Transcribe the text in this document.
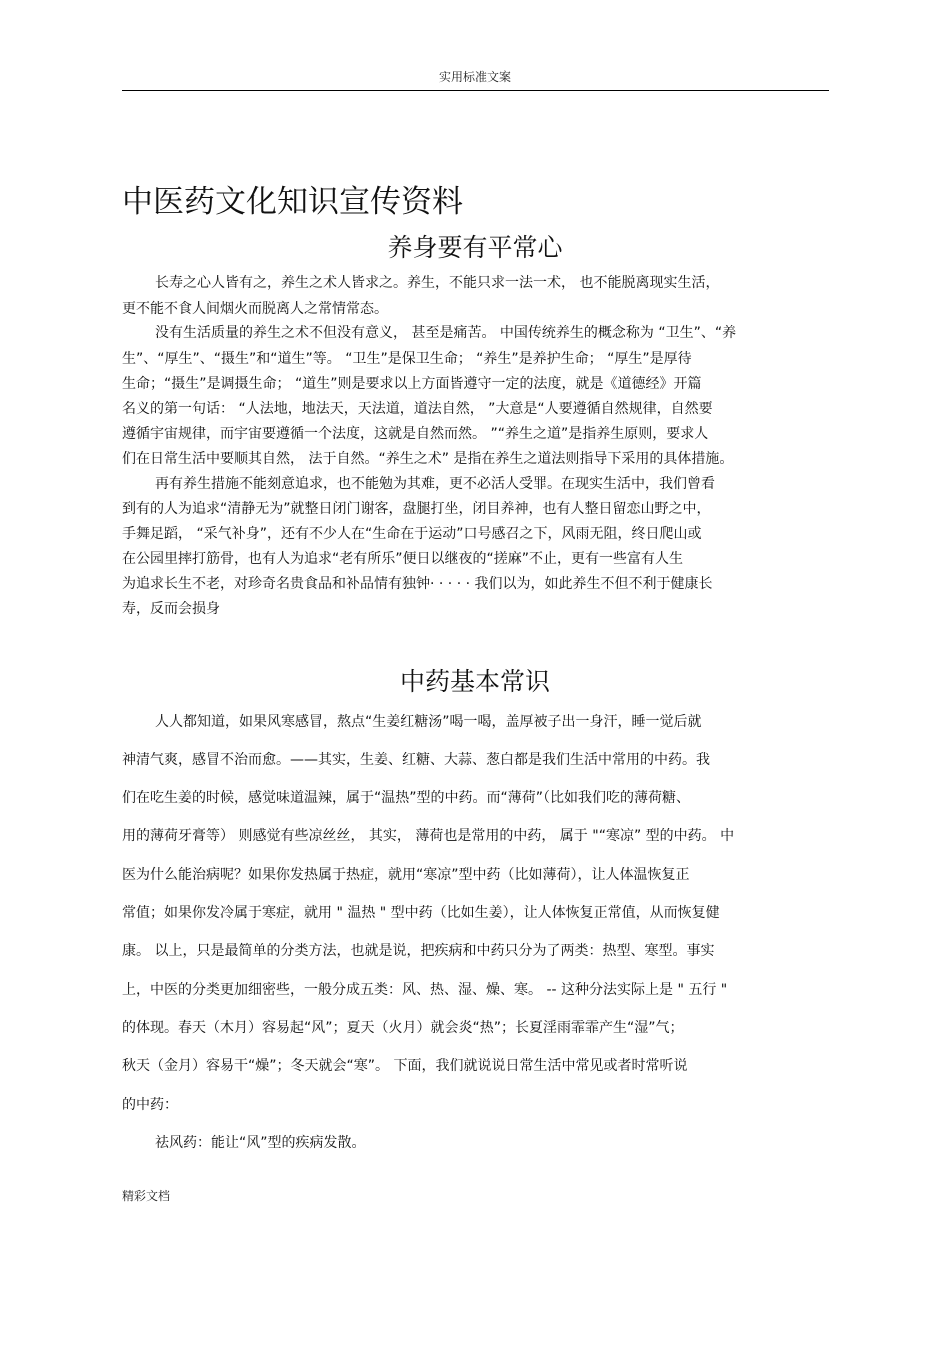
实用标准文案
中医药文化知识宣传资料
养身要有平常心
长寿之心人皆有之，养生之术人皆求之。养生，不能只求一法一术， 也不能脱离现实生活，
更不能不食人间烟火而脱离人之常情常态。
没有生活质量的养生之术不但没有意义， 甚至是痛苦。 中国传统养生的概念称为 “卫生”、“养
生”、“厚生”、“摄生”和“道生”等。 “卫生”是保卫生命； “养生”是养护生命； “厚生”是厚待
生命；“摄生”是调摄生命； “道生”则是要求以上方面皆遵守一定的法度，就是《道德经》开篇
名义的第一句话： “人法地，地法天，天法道，道法自然， ”大意是“人要遵循自然规律，自然要
遵循宇宙规律，而宇宙要遵循一个法度，这就是自然而然。 ”“养生之道”是指养生原则，要求人
们在日常生活中要顺其自然， 法于自然。“养生之术” 是指在养生之道法则指导下采用的具体措施。
再有养生措施不能刻意追求，也不能勉为其难，更不必活人受罪。在现实生活中，我们曾看
到有的人为追求“清静无为”就整日闭门谢客，盘腿打坐，闭目养神，也有人整日留恋山野之中，
手舞足蹈， “采气补身”，还有不少人在“生命在于运动”口号感召之下，风雨无阻，终日爬山或
在公园里摔打筋骨，也有人为追求“老有所乐”便日以继夜的“搓麻”不止，更有一些富有人生
为追求长生不老，对珍奇名贵食品和补品情有独钟· · · · · 我们以为，如此养生不但不利于健康长
寿，反而会损身
中药基本常识
人人都知道，如果风寒感冒，熬点“生姜红糖汤”喝一喝，盖厚被子出一身汗，睡一觉后就
神清气爽，感冒不治而愈。——其实，生姜、红糖、大蒜、葱白都是我们生活中常用的中药。我
们在吃生姜的时候，感觉味道温辣，属于“温热”型的中药。而“薄荷”（比如我们吃的薄荷糖、
用的薄荷牙膏等） 则感觉有些凉丝丝， 其实， 薄荷也是常用的中药， 属于 "“寒凉” 型的中药。 中
医为什么能治病呢？如果你发热属于热症，就用“寒凉”型中药（比如薄荷），让人体温恢复正
常值；如果你发冷属于寒症，就用 " 温热 " 型中药（比如生姜），让人体恢复正常值，从而恢复健
康。 以上，只是最简单的分类方法，也就是说，把疾病和中药只分为了两类：热型、寒型。事实
上，中医的分类更加细密些，一般分成五类：风、热、湿、燥、寒。 -- 这种分法实际上是 " 五行 "
的体现。春天（木月）容易起“风”；夏天（火月）就会炎“热”；长夏淫雨霏霏产生“湿”气；
秋天（金月）容易干“燥”；冬天就会“寒”。 下面，我们就说说日常生活中常见或者时常听说
的中药：
祛风药：能让“风”型的疾病发散。
精彩文档
